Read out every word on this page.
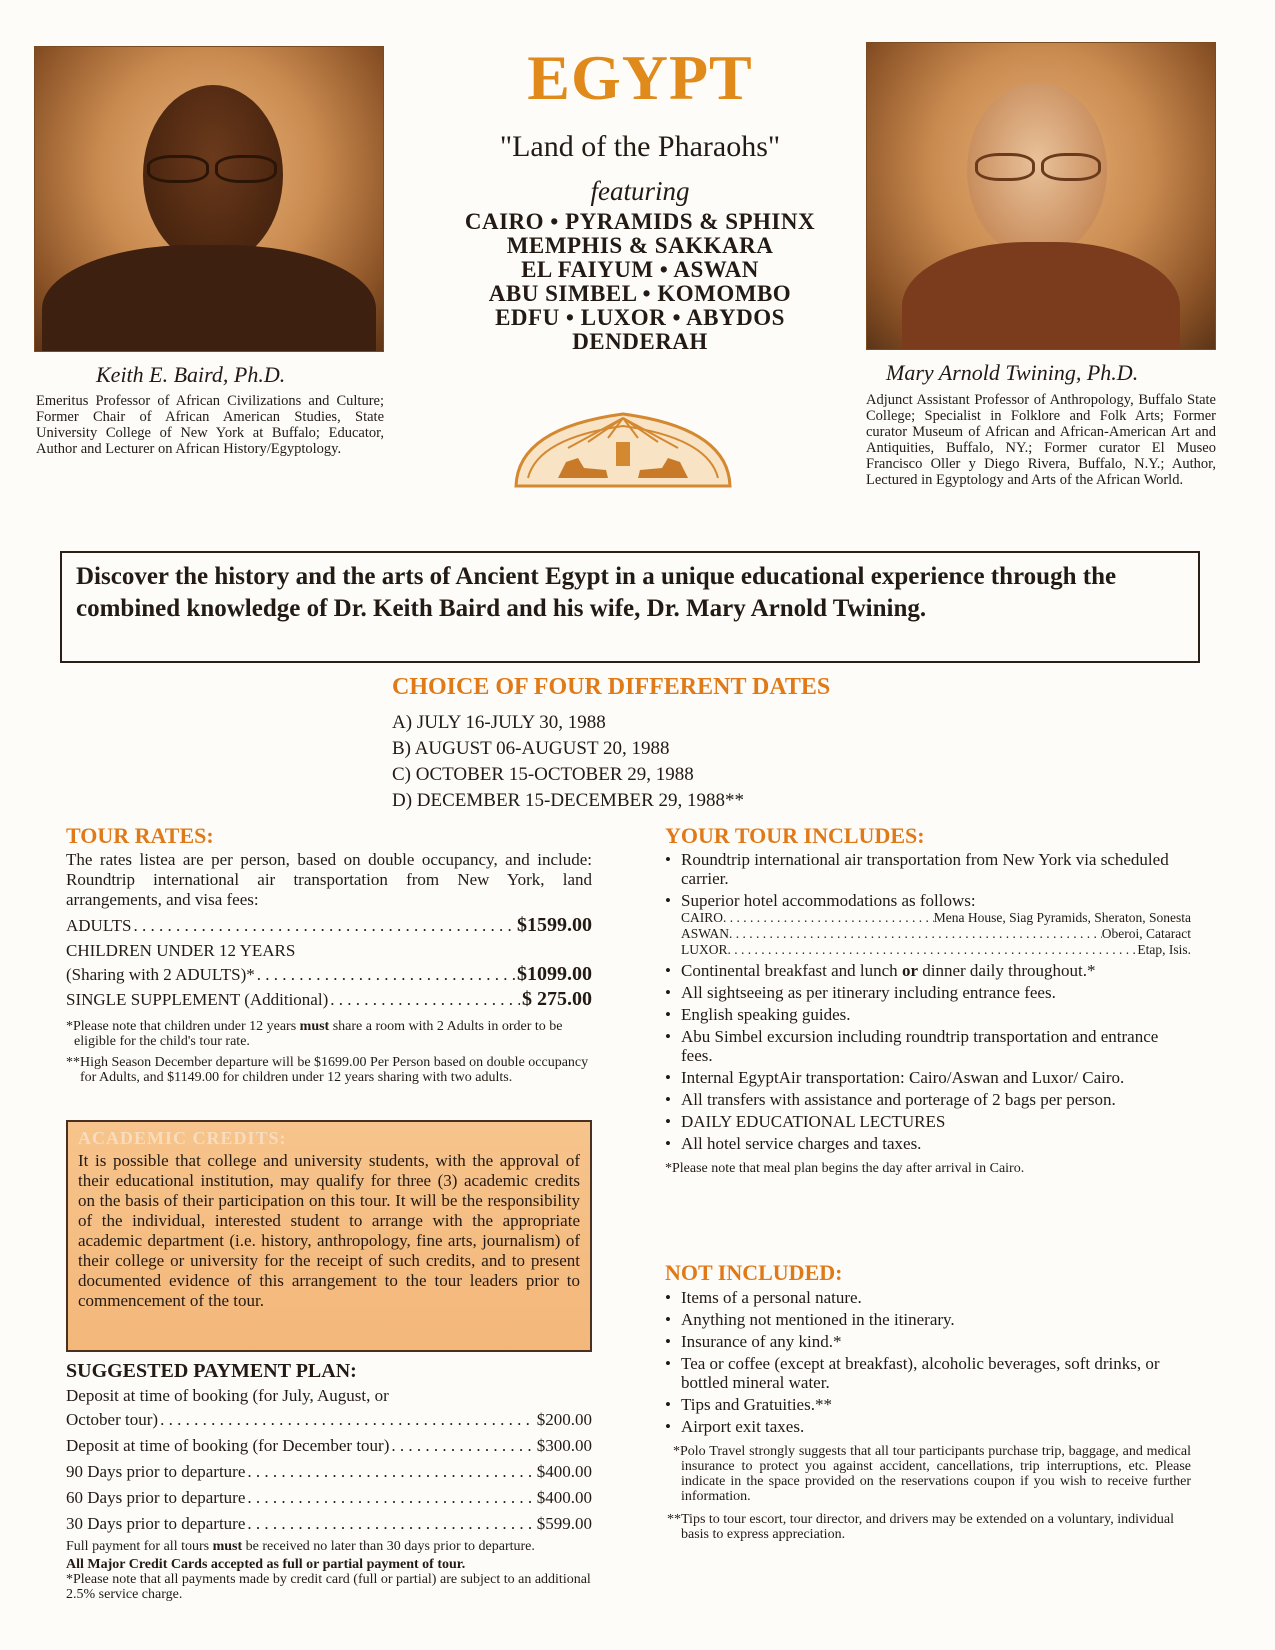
EGYPT
"Land of the Pharaohs"
featuring
CAIRO • PYRAMIDS & SPHINX
MEMPHIS & SAKKARA
EL FAIYUM • ASWAN
ABU SIMBEL • KOMOMBO
EDFU • LUXOR • ABYDOS
DENDERAH
Keith E. Baird, Ph.D.
Emeritus Professor of African Civilizations and Culture; Former Chair of African American Studies, State University College of New York at Buffalo; Educator, Author and Lecturer on African History/Egyptology.
Mary Arnold Twining, Ph.D.
Adjunct Assistant Professor of Anthropology, Buffalo State College; Specialist in Folklore and Folk Arts; Former curator Museum of African and African-American Art and Antiquities, Buffalo, NY.; Former curator El Museo Francisco Oller y Diego Rivera, Buffalo, N.Y.; Author, Lectured in Egyptology and Arts of the African World.
Discover the history and the arts of Ancient Egypt in a unique educational experience through the combined knowledge of Dr. Keith Baird and his wife, Dr. Mary Arnold Twining.
CHOICE OF FOUR DIFFERENT DATES
A) JULY 16-JULY 30, 1988
B) AUGUST 06-AUGUST 20, 1988
C) OCTOBER 15-OCTOBER 29, 1988
D) DECEMBER 15-DECEMBER 29, 1988**
TOUR RATES:
The rates listea are per person, based on double occupancy, and include: Roundtrip international air transportation from New York, land arrangements, and visa fees:
ADULTS . . .	$1599.00
CHILDREN UNDER 12 YEARS
(Sharing with 2 ADULTS)* . . .	$1099.00
SINGLE SUPPLEMENT (Additional) . . .	$ 275.00
*Please note that children under 12 years must share a room with 2 Adults in order to be eligible for the child's tour rate.
**High Season December departure will be $1699.00 Per Person based on double occupancy for Adults, and $1149.00 for children under 12 years sharing with two adults.
ACADEMIC CREDITS:
It is possible that college and university students, with the approval of their educational institution, may qualify for three (3) academic credits on the basis of their participation on this tour. It will be the responsibility of the individual, interested student to arrange with the appropriate academic department (i.e. history, anthropology, fine arts, journalism) of their college or university for the receipt of such credits, and to present documented evidence of this arrangement to the tour leaders prior to commencement of the tour.
SUGGESTED PAYMENT PLAN:
Deposit at time of booking (for July, August, or
October tour) . . .	$200.00
Deposit at time of booking (for December tour) . . .	$300.00
90 Days prior to departure . . .	$400.00
60 Days prior to departure . . .	$400.00
30 Days prior to departure . . .	$599.00
Full payment for all tours must be received no later than 30 days prior to departure.
All Major Credit Cards accepted as full or partial payment of tour.
*Please note that all payments made by credit card (full or partial) are subject to an additional 2.5% service charge.
YOUR TOUR INCLUDES:
• Roundtrip international air transportation from New York via scheduled carrier.
• Superior hotel accommodations as follows:
CAIRO . . .	Mena House, Siag Pyramids, Sheraton, Sonesta
ASWAN . . .	Oberoi, Cataract
LUXOR . . .	Etap, Isis.
• Continental breakfast and lunch or dinner daily throughout.*
• All sightseeing as per itinerary including entrance fees.
• English speaking guides.
• Abu Simbel excursion including roundtrip transportation and entrance fees.
• Internal EgyptAir transportation: Cairo/Aswan and Luxor/ Cairo.
• All transfers with assistance and porterage of 2 bags per person.
• DAILY EDUCATIONAL LECTURES
• All hotel service charges and taxes.
*Please note that meal plan begins the day after arrival in Cairo.
NOT INCLUDED:
• Items of a personal nature.
• Anything not mentioned in the itinerary.
• Insurance of any kind.*
• Tea or coffee (except at breakfast), alcoholic beverages, soft drinks, or bottled mineral water.
• Tips and Gratuities.**
• Airport exit taxes.
*Polo Travel strongly suggests that all tour participants purchase trip, baggage, and medical insurance to protect you against accident, cancellations, trip interruptions, etc. Please indicate in the space provided on the reservations coupon if you wish to receive further information.
**Tips to tour escort, tour director, and drivers may be extended on a voluntary, individual basis to express appreciation.
